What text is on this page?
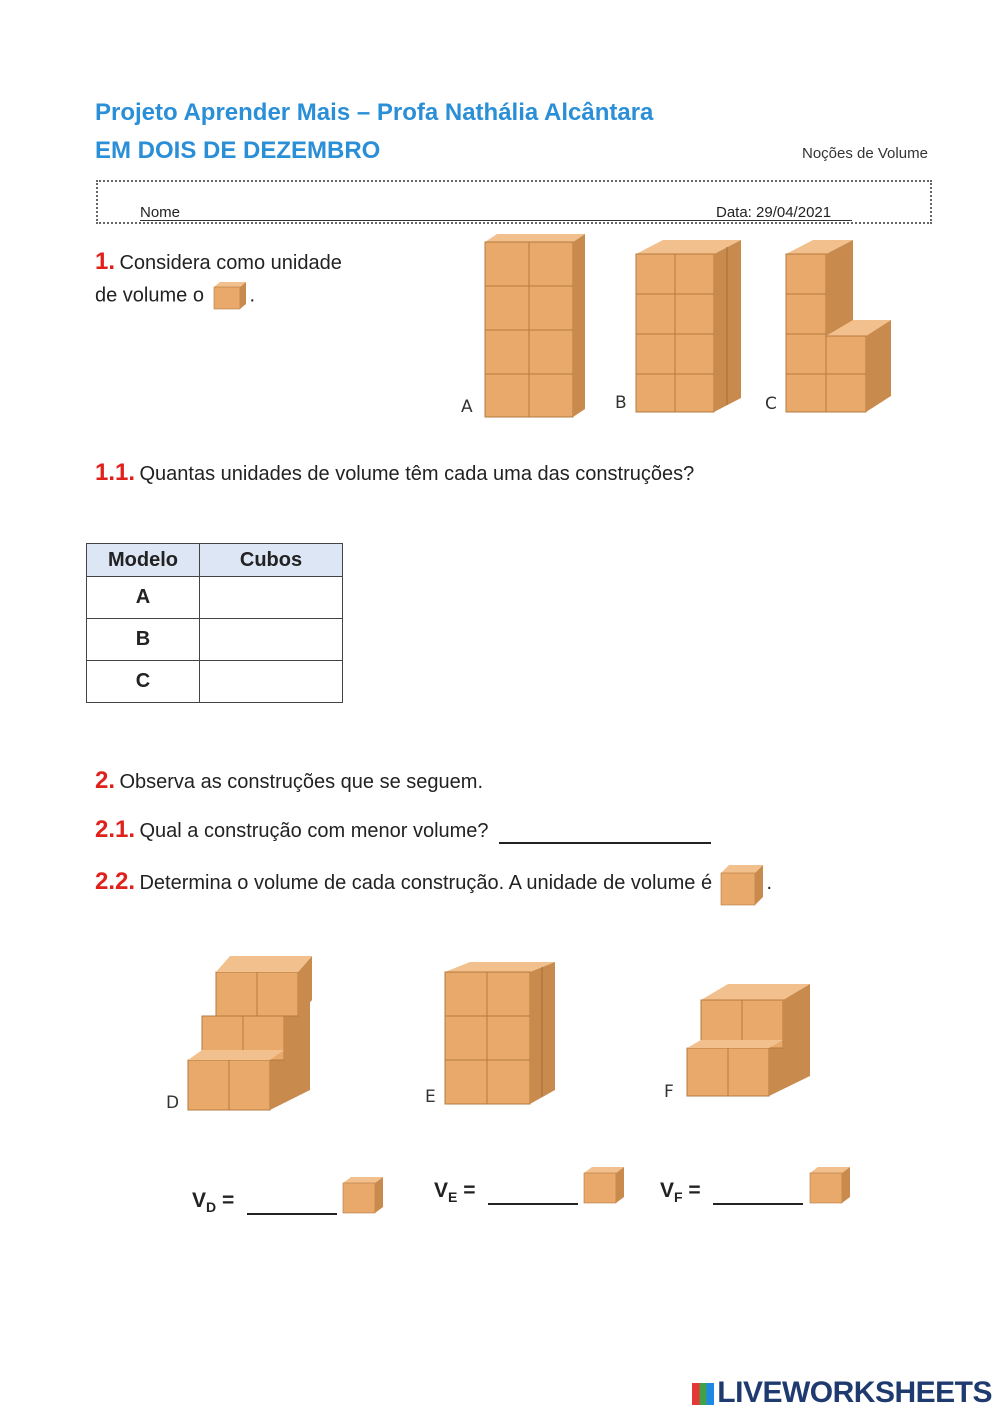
Projeto Aprender Mais – Profa Nathália Alcântara
EM DOIS DE DEZEMBRO	Noções de Volume
Nome	Data: 29/04/2021
1. Considera como unidade
de volume o .
A	B	C
1.1. Quantas unidades de volume têm cada uma das construções?
Modelo	Cubos
A	
B	
C	
2. Observa as construções que se seguem.
2.1. Qual a construção com menor volume?
2.2. Determina o volume de cada construção. A unidade de volume é	.
D	E	F
$V_D$ =	$V_E$ =	$V_F$ =
LIVEWORKSHEETS
